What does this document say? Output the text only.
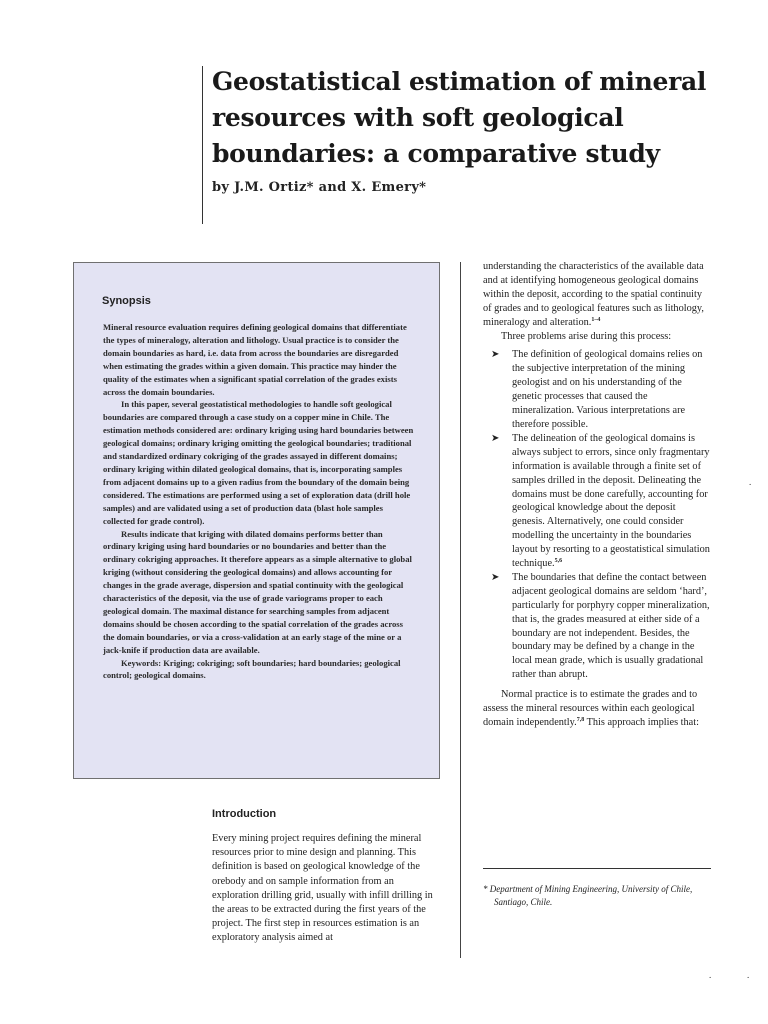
Geostatistical estimation of mineral resources with soft geological boundaries: a comparative study

by J.M. Ortiz* and X. Emery*

Synopsis

Mineral resource evaluation requires defining geological domains that differentiate the types of mineralogy, alteration and lithology. Usual practice is to consider the domain boundaries as hard, i.e. data from across the boundaries are disregarded when estimating the grades within a given domain. This practice may hinder the quality of the estimates when a significant spatial correlation of the grades exists across the domain boundaries.

In this paper, several geostatistical methodologies to handle soft geological boundaries are compared through a case study on a copper mine in Chile. The estimation methods considered are: ordinary kriging using hard boundaries between geological domains; ordinary kriging omitting the geological boundaries; traditional and standardized ordinary cokriging of the grades assayed in different domains; ordinary kriging within dilated geological domains, that is, incorporating samples from adjacent domains up to a given radius from the boundary of the domain being considered. The estimations are performed using a set of exploration data (drill hole samples) and are validated using a set of production data (blast hole samples collected for grade control).

Results indicate that kriging with dilated domains performs better than ordinary kriging using hard boundaries or no boundaries and better than the ordinary cokriging approaches. It therefore appears as a simple alternative to global kriging (without considering the geological domains) and allows accounting for changes in the grade average, dispersion and spatial continuity with the geological characteristics of the deposit, via the use of grade variograms proper to each geological domain. The maximal distance for searching samples from adjacent domains should be chosen according to the spatial correlation of the grades across the domain boundaries, or via a cross-validation at an early stage of the mine or a jack-knife if production data are available.

Keywords: Kriging; cokriging; soft boundaries; hard boundaries; geological control; geological domains.

Introduction

Every mining project requires defining the mineral resources prior to mine design and planning. This definition is based on geological knowledge of the orebody and on sample information from an exploration drilling grid, usually with infill drilling in the areas to be extracted during the first years of the project. The first step in resources estimation is an exploratory analysis aimed at

understanding the characteristics of the available data and at identifying homogeneous geological domains within the deposit, according to the spatial continuity of grades and to geological features such as lithology, mineralogy and alteration.$^{1-4}$

Three problems arise during this process:

➤ The definition of geological domains relies on the subjective interpretation of the mining geologist and on his understanding of the genetic processes that caused the mineralization. Various interpretations are therefore possible.
➤ The delineation of the geological domains is always subject to errors, since only fragmentary information is available through a finite set of samples drilled in the deposit. Delineating the domains must be done carefully, accounting for geological knowledge about the deposit genesis. Alternatively, one could consider modelling the uncertainty in the boundaries layout by resorting to a geostatistical simulation technique.$^{5,6}$
➤ The boundaries that define the contact between adjacent geological domains are seldom ‘hard’, particularly for porphyry copper mineralization, that is, the grades measured at either side of a boundary are not independent. Besides, the boundary may be defined by a change in the local mean grade, which is usually gradational rather than abrupt.

Normal practice is to estimate the grades and to assess the mineral resources within each geological domain independently.$^{7,8}$ This approach implies that:

* Department of Mining Engineering, University of Chile, Santiago, Chile.

.
.	.
